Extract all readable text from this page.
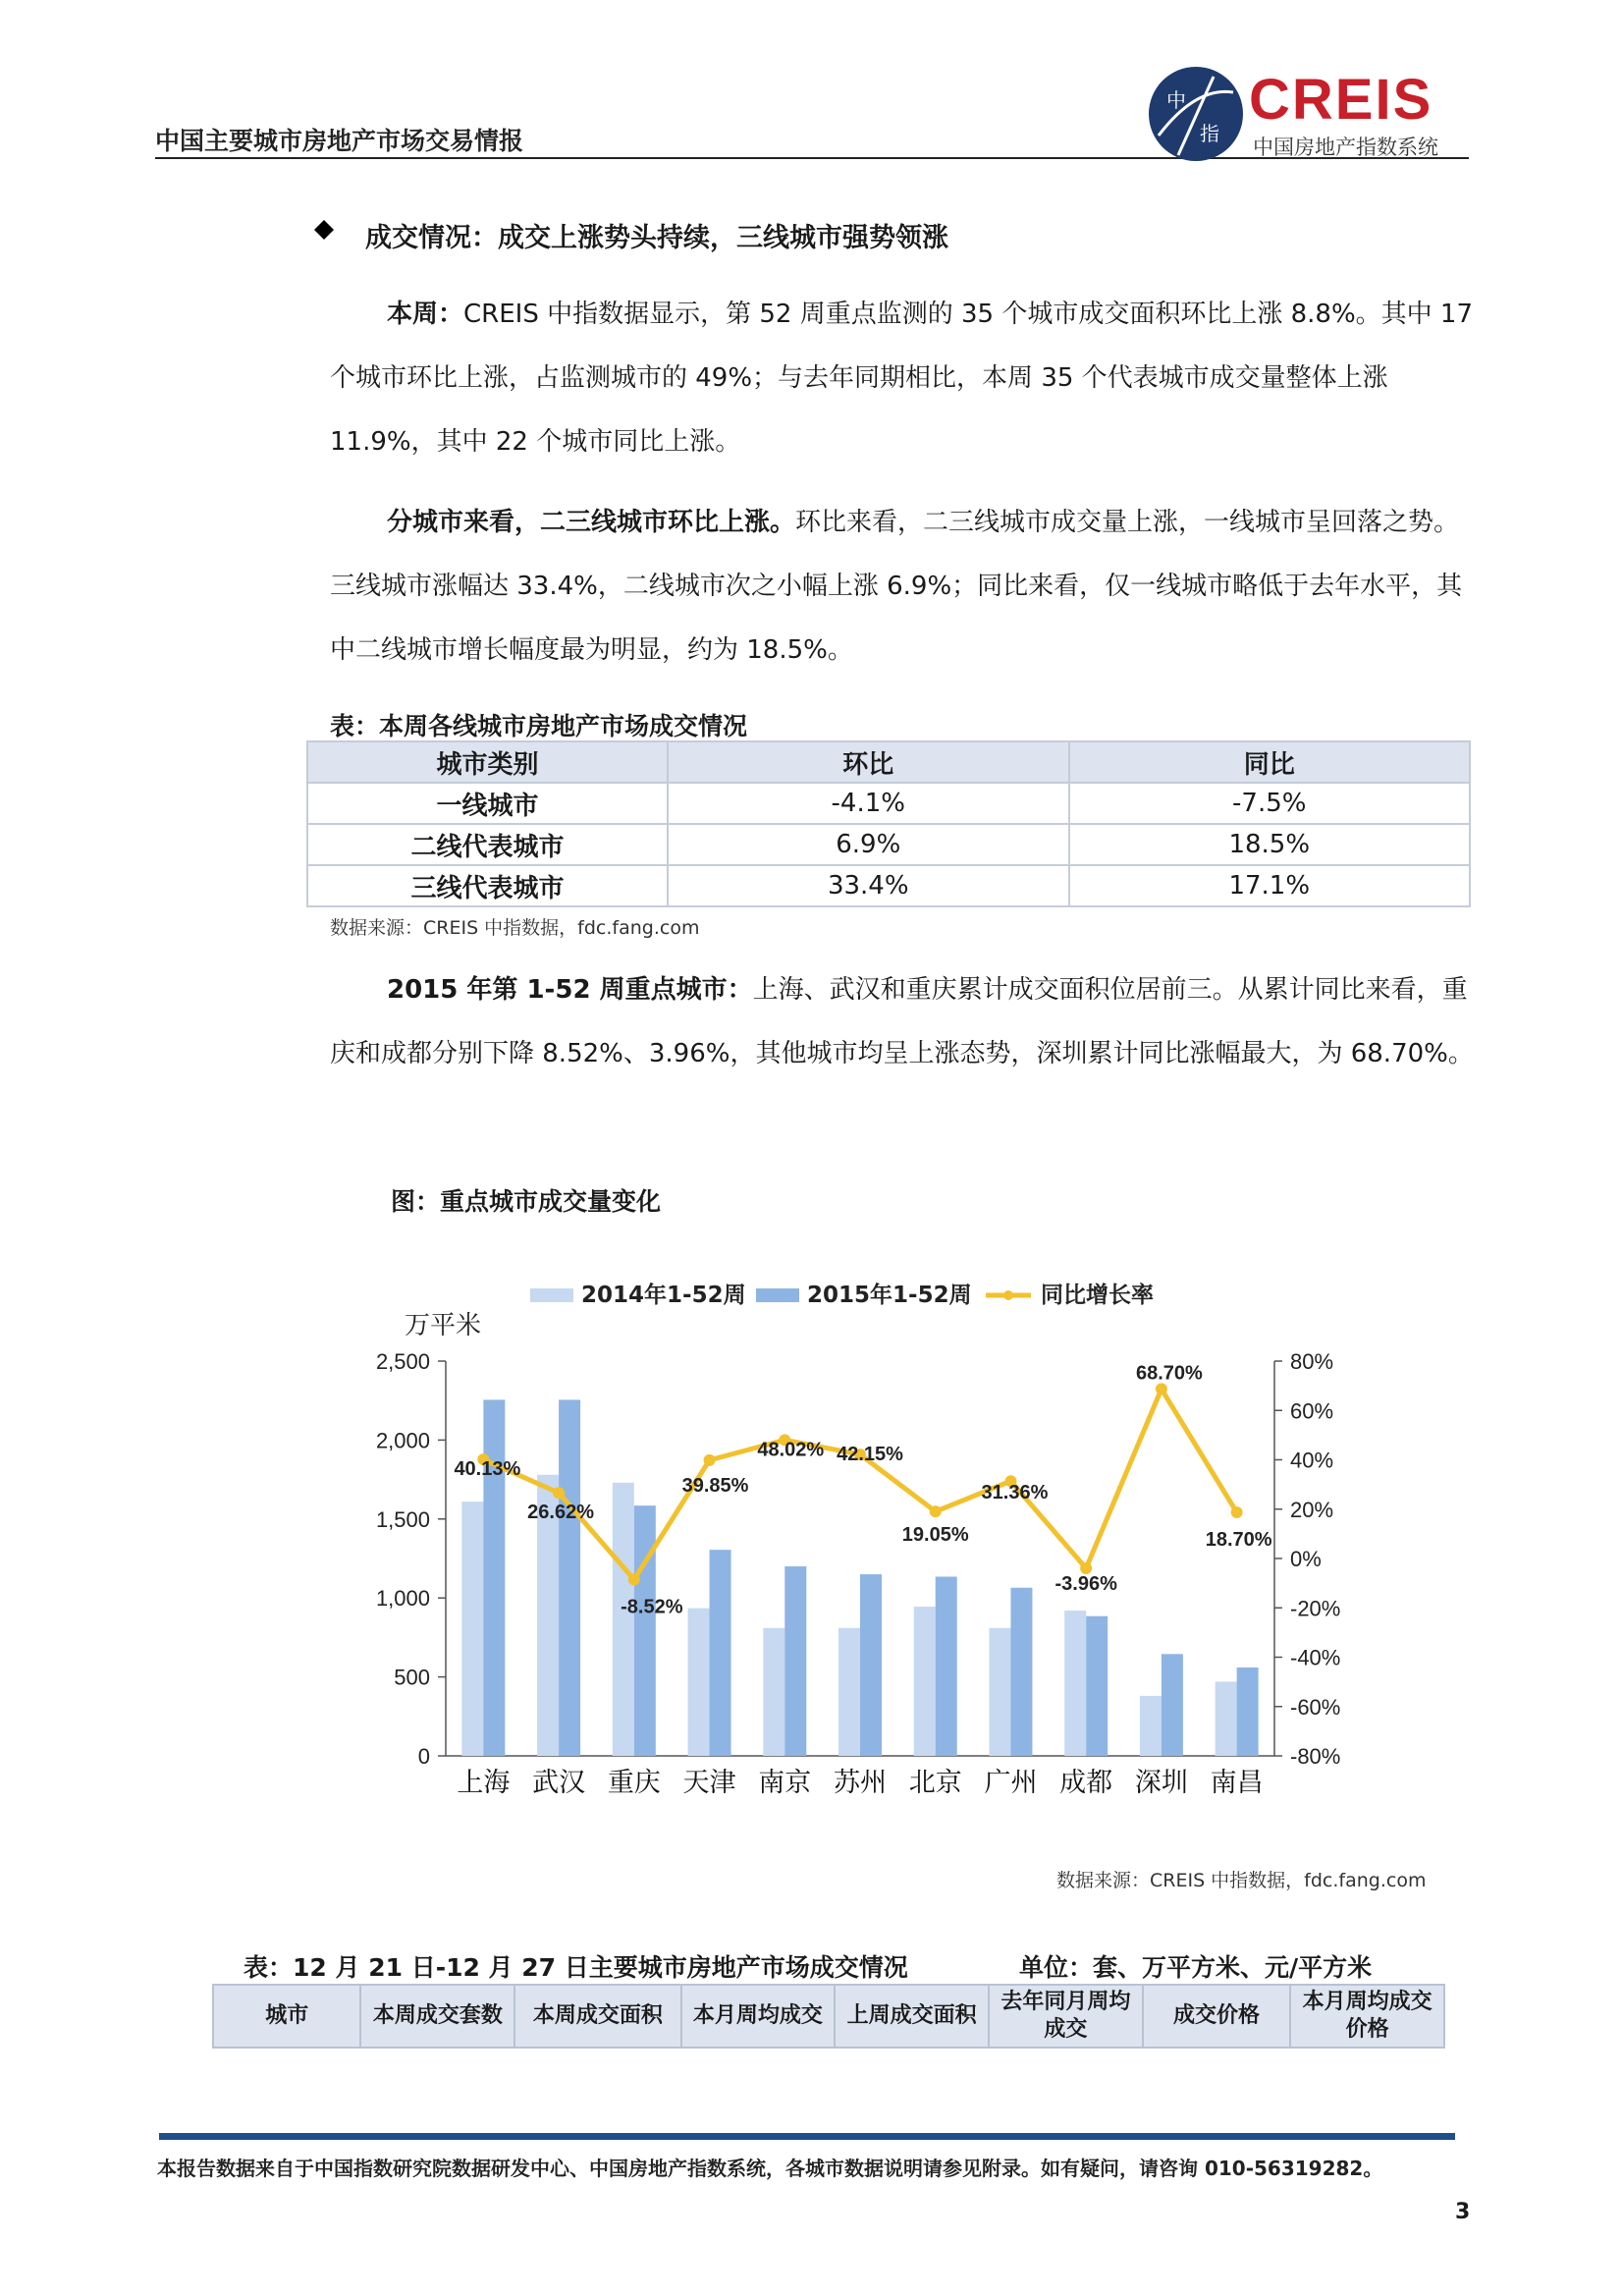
中国主要城市房地产市场交易情报
中
指
CREIS
中国房地产指数系统
成交情况：成交上涨势头持续，三线城市强势领涨
本周：CREIS 中指数据显示，第 52 周重点监测的 35 个城市成交面积环比上涨 8.8%。其中 17 个城市环比上涨，占监测城市的 49%；与去年同期相比，本周 35 个代表城市成交量整体上涨 11.9%，其中 22 个城市同比上涨。
分城市来看，二三线城市环比上涨。环比来看，二三线城市成交量上涨，一线城市呈回落之势。三线城市涨幅达 33.4%，二线城市次之小幅上涨 6.9%；同比来看，仅一线城市略低于去年水平，其中二线城市增长幅度最为明显，约为 18.5%。
表：本周各线城市房地产市场成交情况
城市类别	环比	同比
一线城市	-4.1%	-7.5%
二线代表城市	6.9%	18.5%
三线代表城市	33.4%	17.1%
数据来源：CREIS 中指数据，fdc.fang.com
2015 年第 1-52 周重点城市：上海、武汉和重庆累计成交面积位居前三。从累计同比来看，重庆和成都分别下降 8.52%、3.96%，其他城市均呈上涨态势，深圳累计同比涨幅最大，为 68.70%。
图：重点城市成交量变化
2014年1-52周	2015年1-52周	同比增长率
万平米
0
500
1,000
1,500
2,000
2,500
-80%
-60%
-40%
-20%
0%
20%
40%
60%
80%
上海 武汉 重庆 天津 南京 苏州 北京 广州 成都 深圳 南昌
40.13%
26.62%
-8.52%
39.85%
48.02% 42.15%
19.05%
31.36%
-3.96%
68.70%
18.70%
数据来源：CREIS 中指数据，fdc.fang.com
表：12 月 21 日-12 月 27 日主要城市房地产市场成交情况	单位：套、万平方米、元/平方米
城市	本周成交套数	本周成交面积	本月周均成交	上周成交面积	去年同月周均成交	成交价格	本月周均成交价格
本报告数据来自于中国指数研究院数据研发中心、中国房地产指数系统，各城市数据说明请参见附录。如有疑问，请咨询 010-56319282。
3
